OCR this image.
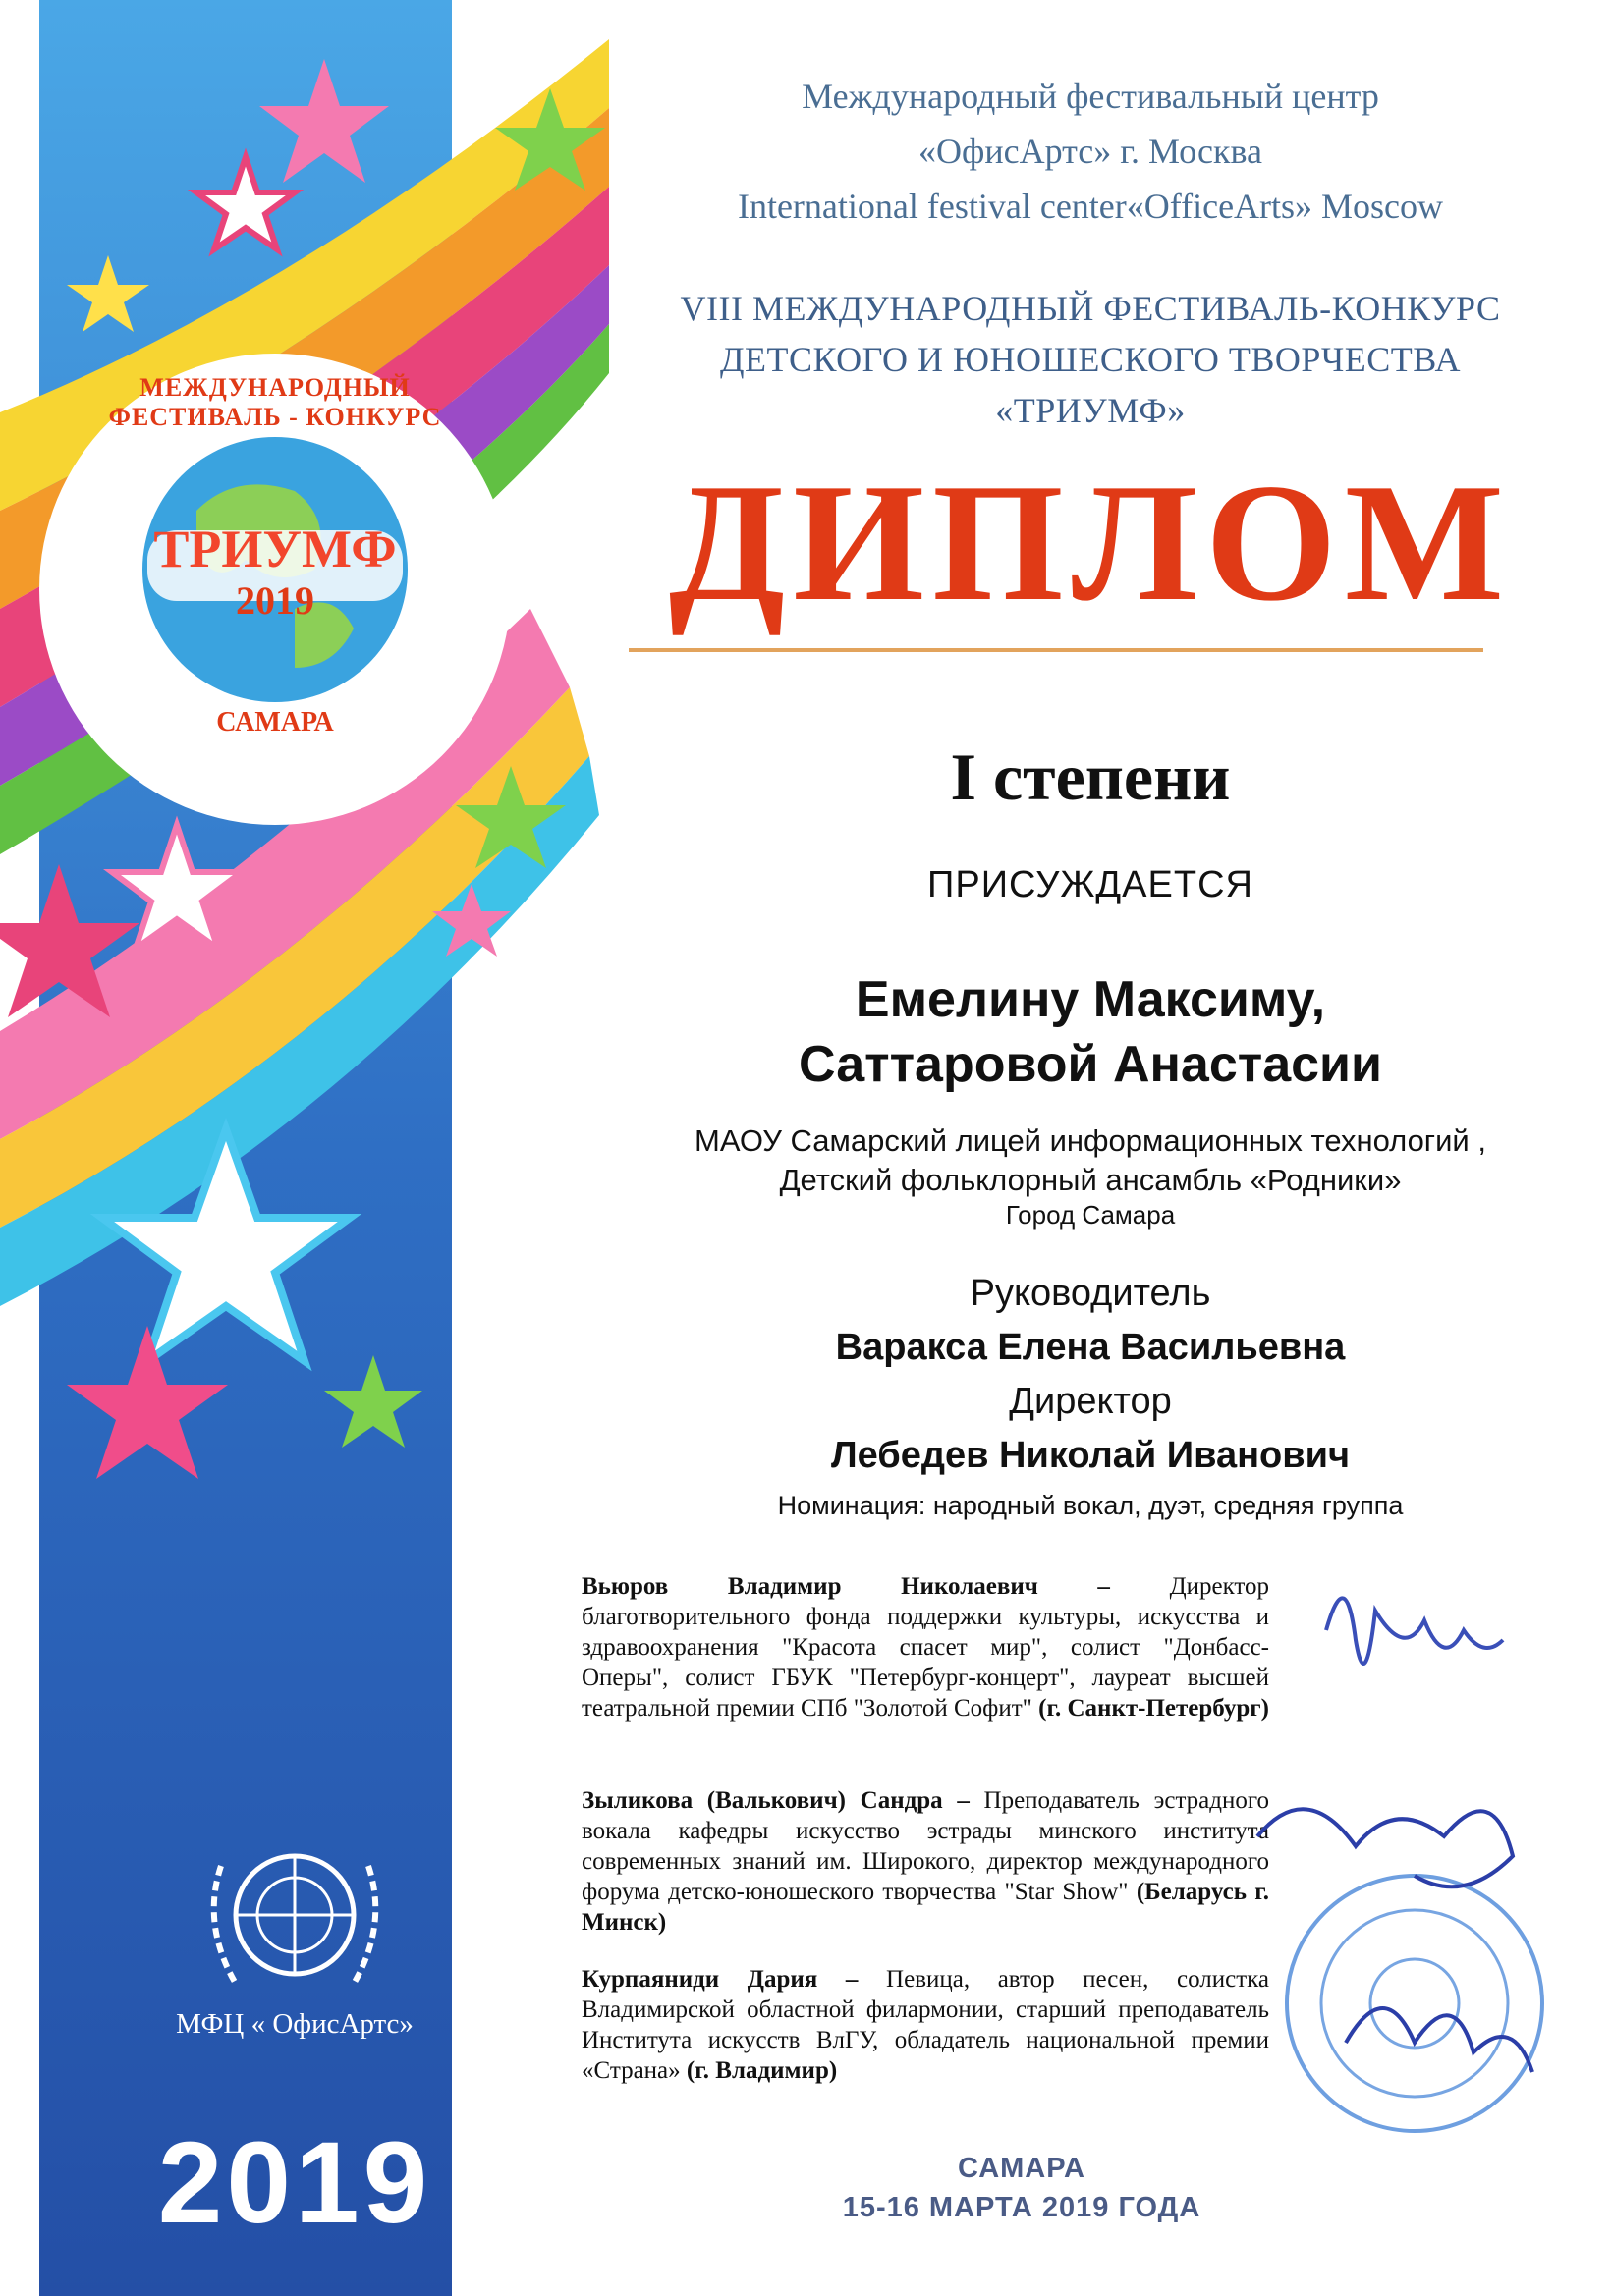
МЕЖДУНАРОДНЫЙ ФЕСТИВАЛЬ - КОНКУРС
ТРИУМФ
2019
САМАРА
МФЦ « ОфисАртс»
2019
Международный фестивальный центр
«ОфисАртс» г. Москва
International festival center«OfficeArts» Moscow
VIII МЕЖДУНАРОДНЫЙ ФЕСТИВАЛЬ-КОНКУРС
ДЕТСКОГО И ЮНОШЕСКОГО ТВОРЧЕСТВА
«ТРИУМФ»
ДИПЛОМ
I степени
ПРИСУЖДАЕТСЯ
Емелину Максиму,
Саттаровой Анастасии
МАОУ Самарский лицей информационных технологий ,
Детский фольклорный ансамбль «Родники»
Город Самара
Руководитель
Варакса Елена Васильевна
Директор
Лебедев Николай Иванович
Номинация: народный вокал, дуэт, средняя группа
Вьюров Владимир Николаевич – Директор благотворительного фонда поддержки культуры, искусства и здравоохранения "Красота спасет мир", солист "Донбасс-Оперы", солист ГБУК "Петербург-концерт", лауреат высшей театральной премии СПб "Золотой Софит" (г. Санкт-Петербург)
Зыликова (Валькович) Сандра – Преподаватель эстрадного вокала кафедры искусство эстрады минского института современных знаний им. Широкого, директор международного форума детско-юношеского творчества "Star Show" (Беларусь г. Минск)
Курпаяниди Дария – Певица, автор песен, солистка Владимирской областной филармонии, старший преподаватель Института искусств ВлГУ, обладатель национальной премии «Страна» (г. Владимир)
САМАРА
15-16 МАРТА 2019 ГОДА
